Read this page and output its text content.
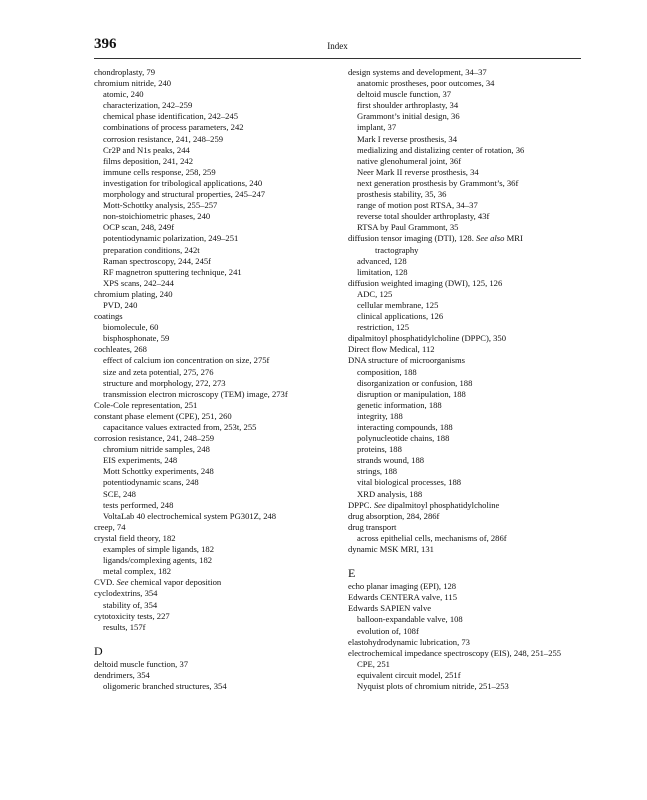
396	Index
chondroplasty, 79
chromium nitride, 240
atomic, 240
characterization, 242–259
chemical phase identification, 242–245
combinations of process parameters, 242
corrosion resistance, 241, 248–259
Cr2P and N1s peaks, 244
films deposition, 241, 242
immune cells response, 258, 259
investigation for tribological applications, 240
morphology and structural properties, 245–247
Mott-Schottky analysis, 255–257
non-stoichiometric phases, 240
OCP scan, 248, 249f
potentiodynamic polarization, 249–251
preparation conditions, 242t
Raman spectroscopy, 244, 245f
RF magnetron sputtering technique, 241
XPS scans, 242–244
chromium plating, 240
PVD, 240
coatings
biomolecule, 60
bisphosphonate, 59
cochleates, 268
effect of calcium ion concentration on size, 275f
size and zeta potential, 275, 276
structure and morphology, 272, 273
transmission electron microscopy (TEM) image, 273f
Cole-Cole representation, 251
constant phase element (CPE), 251, 260
capacitance values extracted from, 253t, 255
corrosion resistance, 241, 248–259
chromium nitride samples, 248
EIS experiments, 248
Mott Schottky experiments, 248
potentiodynamic scans, 248
SCE, 248
tests performed, 248
VoltaLab 40 electrochemical system PG301Z, 248
creep, 74
crystal field theory, 182
examples of simple ligands, 182
ligands/complexing agents, 182
metal complex, 182
CVD. See chemical vapor deposition
cyclodextrins, 354
stability of, 354
cytotoxicity tests, 227
results, 157f
D
deltoid muscle function, 37
dendrimers, 354
oligomeric branched structures, 354
design systems and development, 34–37
anatomic prostheses, poor outcomes, 34
deltoid muscle function, 37
first shoulder arthroplasty, 34
Grammont’s initial design, 36
implant, 37
Mark I reverse prosthesis, 34
medializing and distalizing center of rotation, 36
native glenohumeral joint, 36f
Neer Mark II reverse prosthesis, 34
next generation prosthesis by Grammont’s, 36f
prosthesis stability, 35, 36
range of motion post RTSA, 34–37
reverse total shoulder arthroplasty, 43f
RTSA by Paul Grammont, 35
diffusion tensor imaging (DTI), 128. See also MRI
tractography
advanced, 128
limitation, 128
diffusion weighted imaging (DWI), 125, 126
ADC, 125
cellular membrane, 125
clinical applications, 126
restriction, 125
dipalmitoyl phosphatidylcholine (DPPC), 350
Direct flow Medical, 112
DNA structure of microorganisms
composition, 188
disorganization or confusion, 188
disruption or manipulation, 188
genetic information, 188
integrity, 188
interacting compounds, 188
polynucleotide chains, 188
proteins, 188
strands wound, 188
strings, 188
vital biological processes, 188
XRD analysis, 188
DPPC. See dipalmitoyl phosphatidylcholine
drug absorption, 284, 286f
drug transport
across epithelial cells, mechanisms of, 286f
dynamic MSK MRI, 131
E
echo planar imaging (EPI), 128
Edwards CENTERA valve, 115
Edwards SAPIEN valve
balloon-expandable valve, 108
evolution of, 108f
elastohydrodynamic lubrication, 73
electrochemical impedance spectroscopy (EIS), 248, 251–255
CPE, 251
equivalent circuit model, 251f
Nyquist plots of chromium nitride, 251–253
